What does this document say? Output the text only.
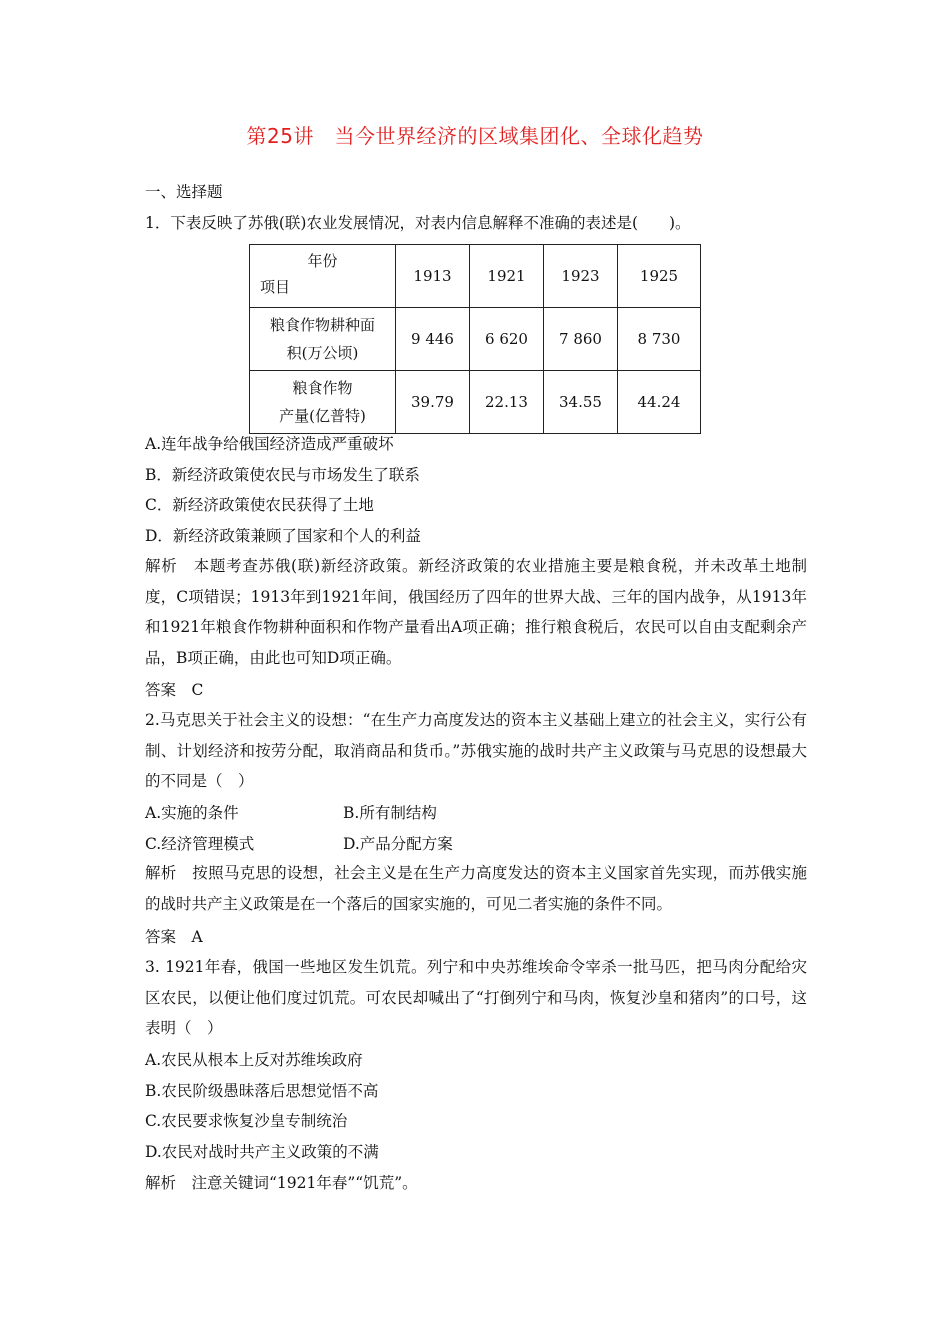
第25讲　当今世界经济的区域集团化、全球化趋势
一、选择题
1．下表反映了苏俄(联)农业发展情况，对表内信息解释不准确的表述是(　　)。
年份
项目	1913	1921	1923	1925

粮食作物耕种面
积(万公顷)	9 446	6 620	7 860	8 730

粮食作物
产量(亿普特)	39.79	22.13	34.55	44.24
A.连年战争给俄国经济造成严重破坏
B．新经济政策使农民与市场发生了联系
C．新经济政策使农民获得了土地
D．新经济政策兼顾了国家和个人的利益
解析　本题考查苏俄(联)新经济政策。新经济政策的农业措施主要是粮食税，并未改革土地制度，C项错误；1913年到1921年间，俄国经历了四年的世界大战、三年的国内战争，从1913年和1921年粮食作物耕种面积和作物产量看出A项正确；推行粮食税后，农民可以自由支配剩余产品，B项正确，由此也可知D项正确。
答案　C
2.马克思关于社会主义的设想：“在生产力高度发达的资本主义基础上建立的社会主义，实行公有制、计划经济和按劳分配，取消商品和货币。”苏俄实施的战时共产主义政策与马克思的设想最大的不同是（　）
A.实施的条件	B.所有制结构
C.经济管理模式	D.产品分配方案
解析　按照马克思的设想，社会主义是在生产力高度发达的资本主义国家首先实现，而苏俄实施的战时共产主义政策是在一个落后的国家实施的，可见二者实施的条件不同。
答案　A
3. 1921年春，俄国一些地区发生饥荒。列宁和中央苏维埃命令宰杀一批马匹，把马肉分配给灾区农民，以便让他们度过饥荒。可农民却喊出了“打倒列宁和马肉，恢复沙皇和猪肉”的口号，这表明（　）
A.农民从根本上反对苏维埃政府
B.农民阶级愚昧落后思想觉悟不高
C.农民要求恢复沙皇专制统治
D.农民对战时共产主义政策的不满
解析　注意关键词“1921年春”“饥荒”。
